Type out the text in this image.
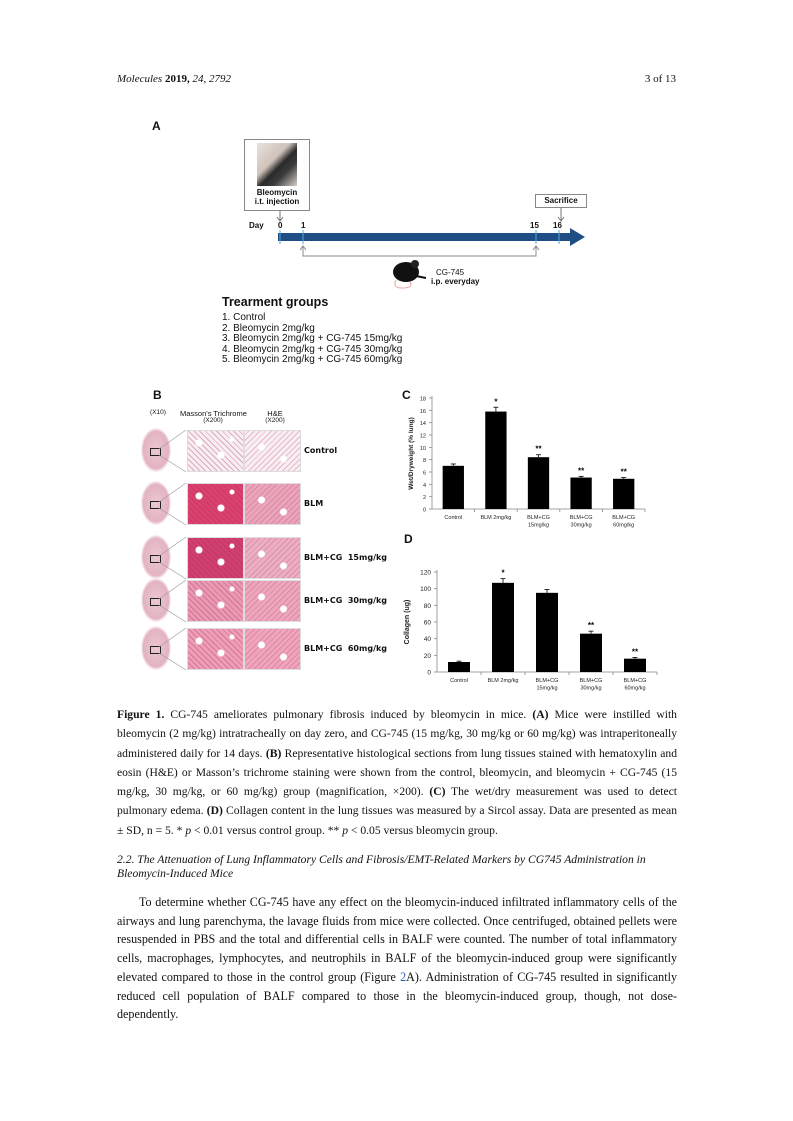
Molecules 2019, 24, 2792	3 of 13
A
Bleomycin
i.t. injection	Sacrifice
Day 0 1	15 16
CG-745
i.p. everyday
Trearment groups
1. Control
2. Bleomycin 2mg/kg
3. Bleomycin 2mg/kg + CG-745 15mg/kg
4. Bleomycin 2mg/kg + CG-745 30mg/kg
5. Bleomycin 2mg/kg + CG-745 60mg/kg
B
(X10) Masson's Trichrome
(X200)
H&E
(X200)
Control
BLM
BLM+CG  15mg/kg
BLM+CG  30mg/kg
BLM+CG  60mg/kg
C
0
2
4
6
8
10
12
14
16
18
Control
*
BLM 2mg/kg
**
BLM+CG
15mg/kg
**
BLM+CG
30mg/kg
**
BLM+CG
60mg/kg
Wet/Dryweight (% lung)
D
0
20
40
60
80
100
120
Control
*
BLM 2mg/kg	BLM+CG
15mg/kg
**
BLM+CG
30mg/kg
**
BLM+CG
60mg/kg
Collagen (ug)
Figure 1. CG-745 ameliorates pulmonary fibrosis induced by bleomycin in mice. (A) Mice were instilled with bleomycin (2 mg/kg) intratracheally on day zero, and CG-745 (15 mg/kg, 30 mg/kg or 60 mg/kg) was intraperitoneally administered daily for 14 days. (B) Representative histological sections from lung tissues stained with hematoxylin and eosin (H&E) or Masson’s trichrome staining were shown from the control, bleomycin, and bleomycin + CG-745 (15 mg/kg, 30 mg/kg, or 60 mg/kg) group (magnification, ×200). (C) The wet/dry measurement was used to detect pulmonary edema. (D) Collagen content in the lung tissues was measured by a Sircol assay. Data are presented as mean ± SD, n = 5. * p < 0.01 versus control group. ** p < 0.05 versus bleomycin group.
2.2. The Attenuation of Lung Inflammatory Cells and Fibrosis/EMT-Related Markers by CG745 Administration in Bleomycin-Induced Mice
To determine whether CG-745 have any effect on the bleomycin-induced infiltrated inflammatory cells of the airways and lung parenchyma, the lavage fluids from mice were collected. Once centrifuged, obtained pellets were resuspended in PBS and the total and differential cells in BALF were counted. The number of total inflammatory cells, macrophages, lymphocytes, and neutrophils in BALF of the bleomycin-induced group were significantly elevated compared to those in the control group (Figure 2A). Administration of CG-745 resulted in significantly reduced cell population of BALF compared to those in the bleomycin-induced group, though, not dose-dependently.
